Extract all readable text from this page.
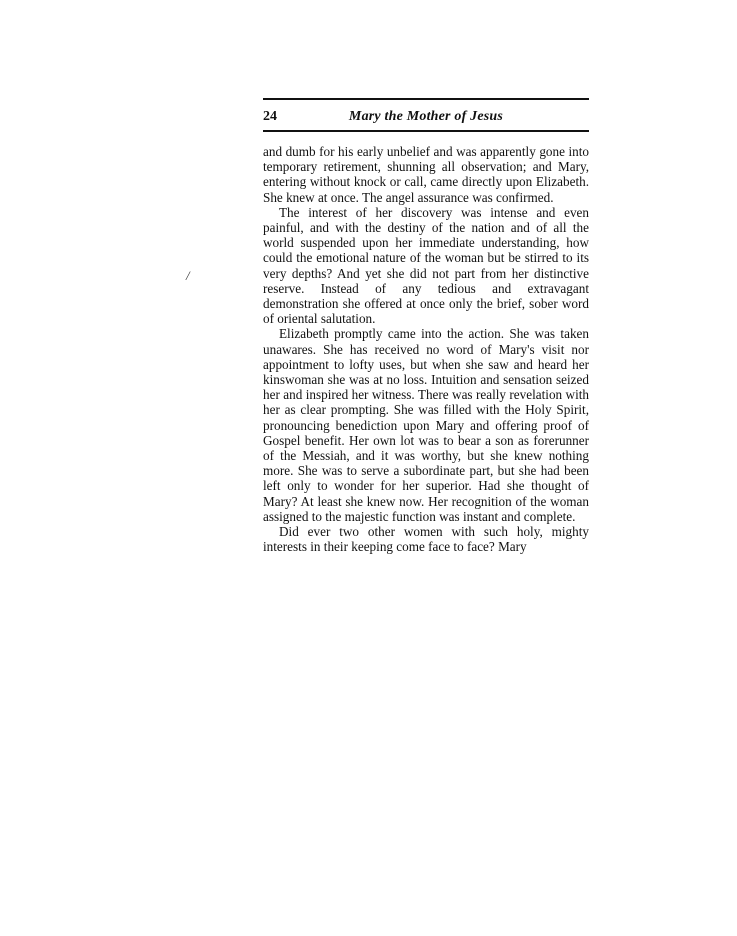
/
24	Mary the Mother of Jesus

and dumb for his early unbelief and was apparently gone into temporary retirement, shunning all observation; and Mary, entering without knock or call, came directly upon Elizabeth. She knew at once. The angel assurance was confirmed.

The interest of her discovery was intense and even painful, and with the destiny of the nation and of all the world suspended upon her immediate understanding, how could the emotional nature of the woman but be stirred to its very depths? And yet she did not part from her distinctive reserve. Instead of any tedious and extravagant demonstration she offered at once only the brief, sober word of oriental salutation.

Elizabeth promptly came into the action. She was taken unawares. She has received no word of Mary's visit nor appointment to lofty uses, but when she saw and heard her kinswoman she was at no loss. Intuition and sensation seized her and inspired her witness. There was really revelation with her as clear prompting. She was filled with the Holy Spirit, pronouncing benediction upon Mary and offering proof of Gospel benefit. Her own lot was to bear a son as forerunner of the Messiah, and it was worthy, but she knew nothing more. She was to serve a subordinate part, but she had been left only to wonder for her superior. Had she thought of Mary? At least she knew now. Her recognition of the woman assigned to the majestic function was instant and complete.

Did ever two other women with such holy, mighty interests in their keeping come face to face? Mary
